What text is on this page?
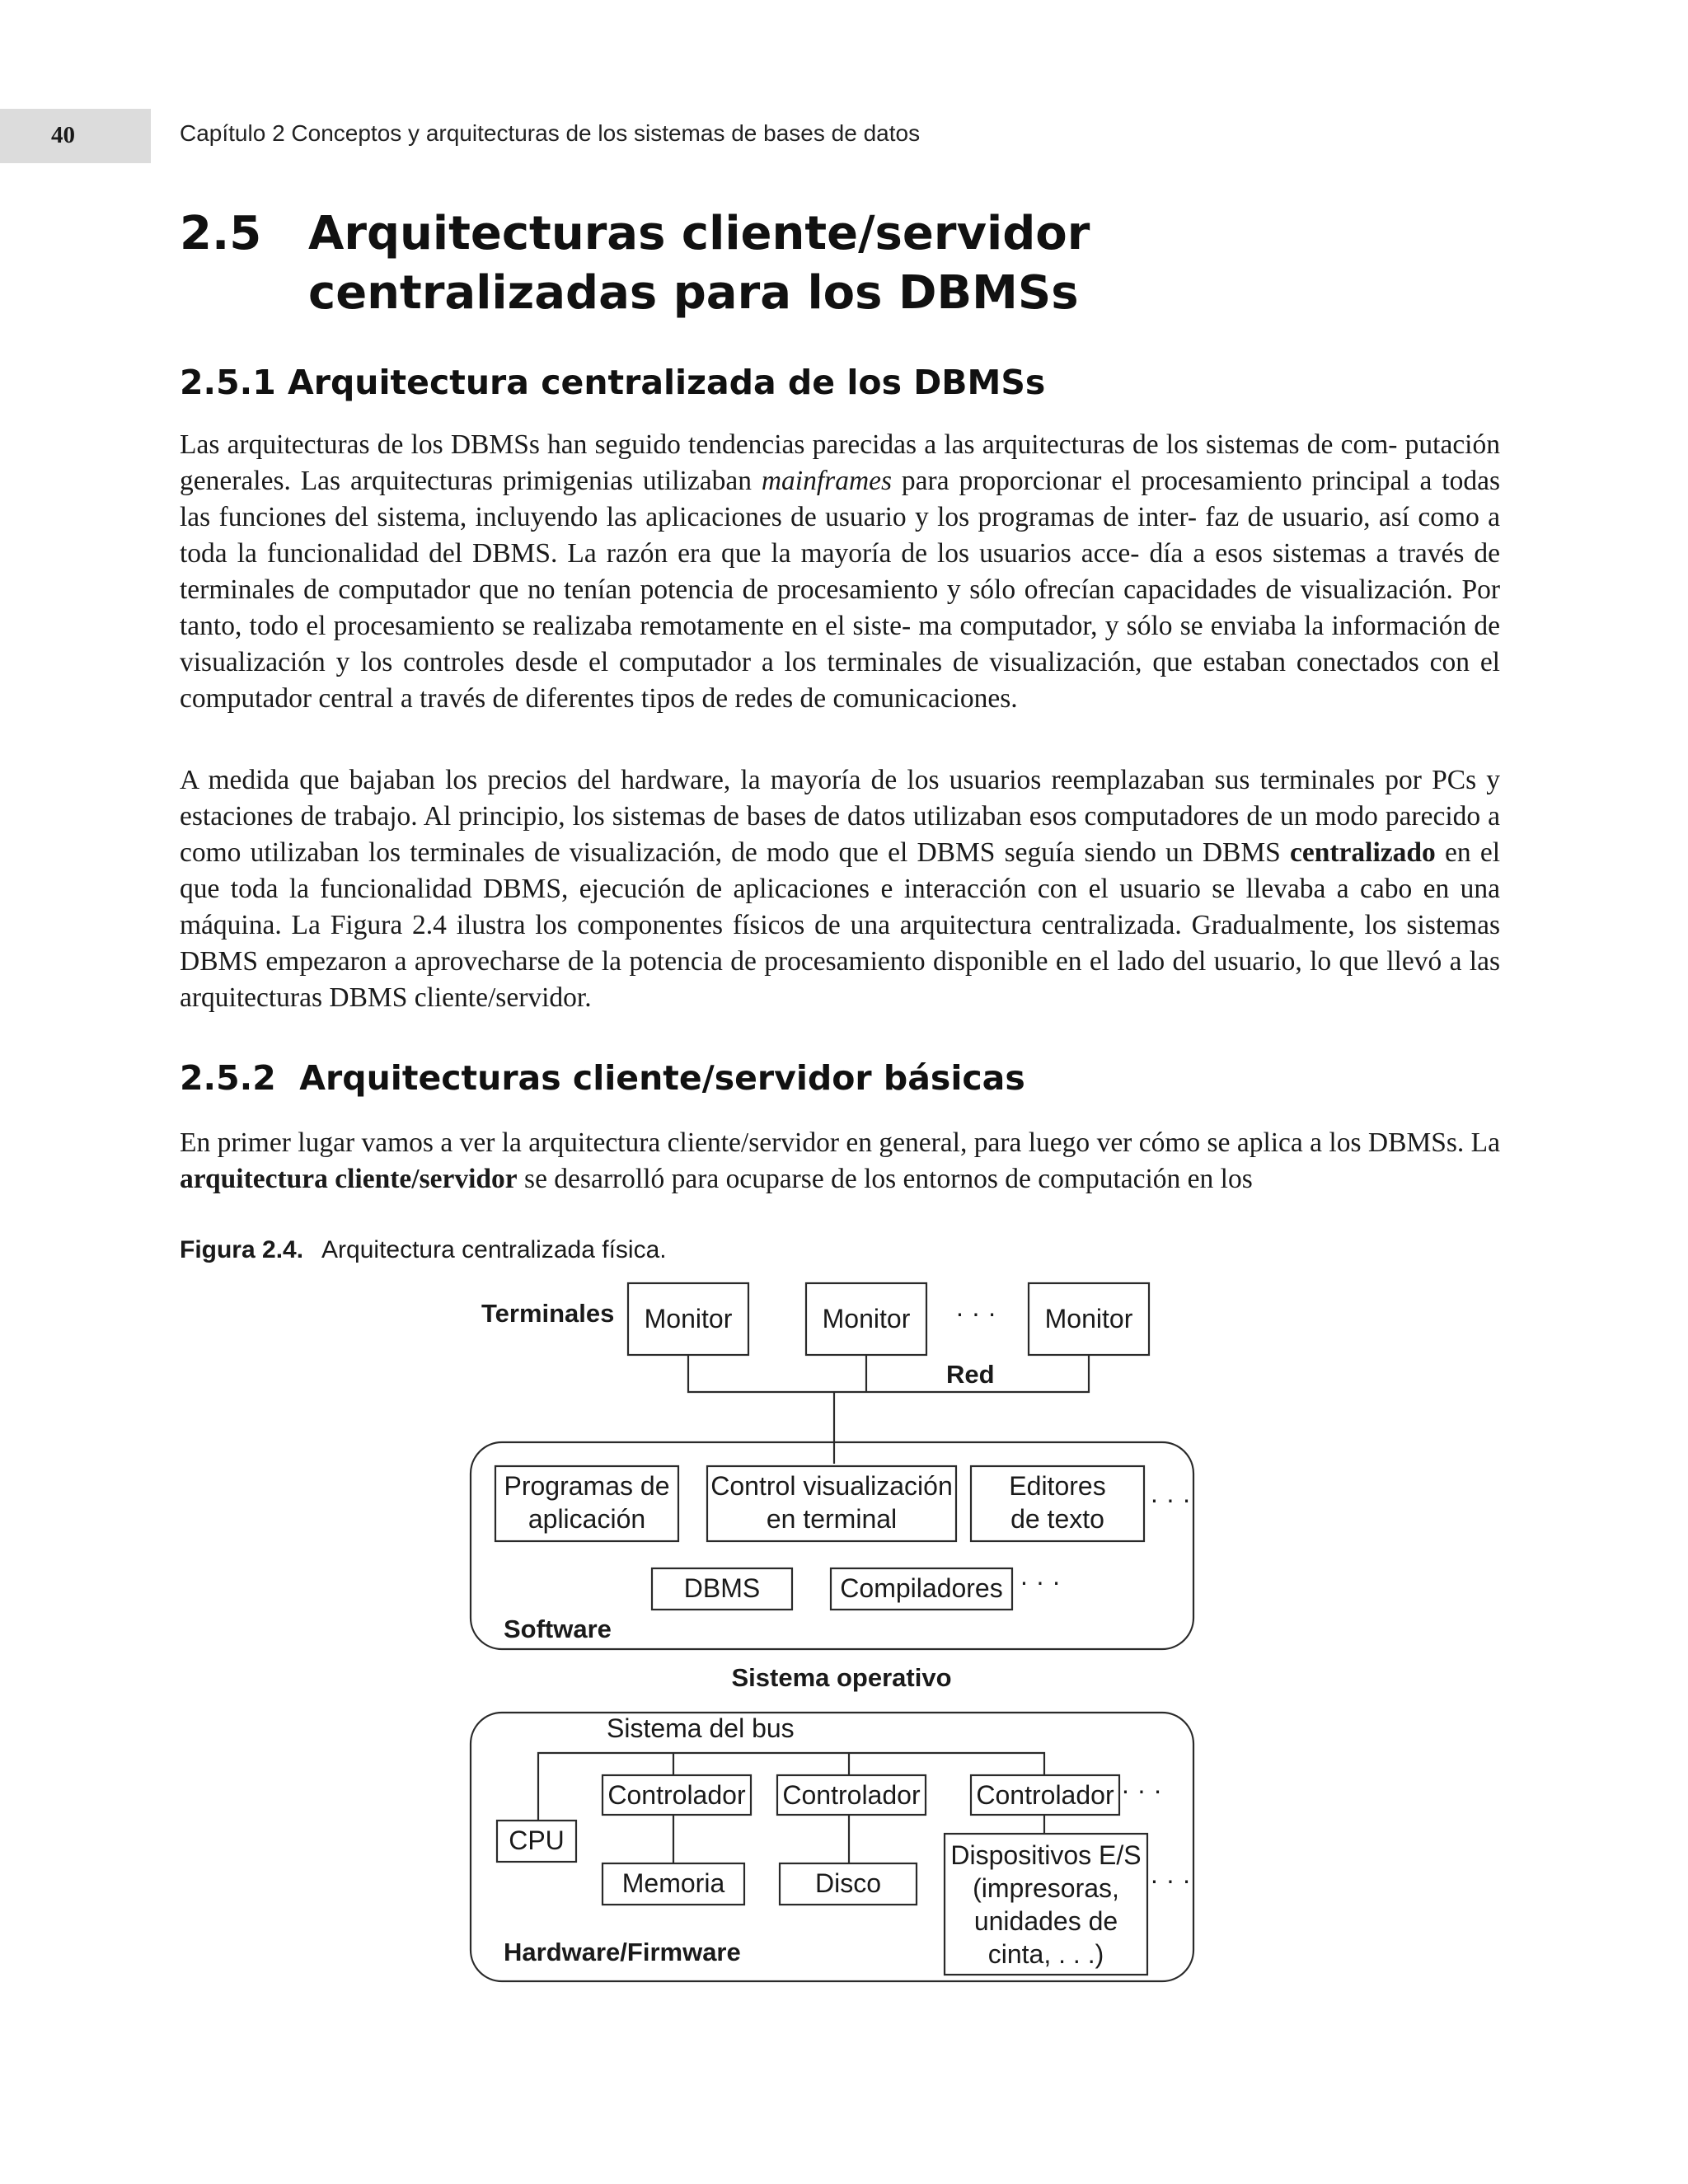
40	Capítulo 2 Conceptos y arquitecturas de los sistemas de bases de datos
2.5 Arquitecturas cliente/servidor
centralizadas para los DBMSs
2.5.1 Arquitectura centralizada de los DBMSs
Las arquitecturas de los DBMSs han seguido tendencias parecidas a las arquitecturas de los sistemas de com- putación generales. Las arquitecturas primigenias utilizaban mainframes para proporcionar el procesamiento principal a todas las funciones del sistema, incluyendo las aplicaciones de usuario y los programas de inter- faz de usuario, así como a toda la funcionalidad del DBMS. La razón era que la mayoría de los usuarios acce- día a esos sistemas a través de terminales de computador que no tenían potencia de procesamiento y sólo ofrecían capacidades de visualización. Por tanto, todo el procesamiento se realizaba remotamente en el siste- ma computador, y sólo se enviaba la información de visualización y los controles desde el computador a los terminales de visualización, que estaban conectados con el computador central a través de diferentes tipos de redes de comunicaciones.
A medida que bajaban los precios del hardware, la mayoría de los usuarios reemplazaban sus terminales por PCs y estaciones de trabajo. Al principio, los sistemas de bases de datos utilizaban esos computadores de un modo parecido a como utilizaban los terminales de visualización, de modo que el DBMS seguía siendo un DBMS centralizado en el que toda la funcionalidad DBMS, ejecución de aplicaciones e interacción con el usuario se llevaba a cabo en una máquina. La Figura 2.4 ilustra los componentes físicos de una arquitectura centralizada. Gradualmente, los sistemas DBMS empezaron a aprovecharse de la potencia de procesamiento disponible en el lado del usuario, lo que llevó a las arquitecturas DBMS cliente/servidor.
2.5.2 Arquitecturas cliente/servidor básicas
En primer lugar vamos a ver la arquitectura cliente/servidor en general, para luego ver cómo se aplica a los DBMSs. La arquitectura cliente/servidor se desarrolló para ocuparse de los entornos de computación en los
Figura 2.4. Arquitectura centralizada física.
Terminales Monitor	Monitor · · · Monitor
Red
Programas de
aplicación
Control visualización
en terminal
Editores
de texto
· · ·
DBMS	Compiladores · · ·
Software
Sistema operativo
Sistema del bus
CPU
Controlador Controlador Controlador · · ·
Memoria	Disco
Dispositivos E/S
(impresoras,
unidades de
cinta, . . .)
· · ·
Hardware/Firmware
